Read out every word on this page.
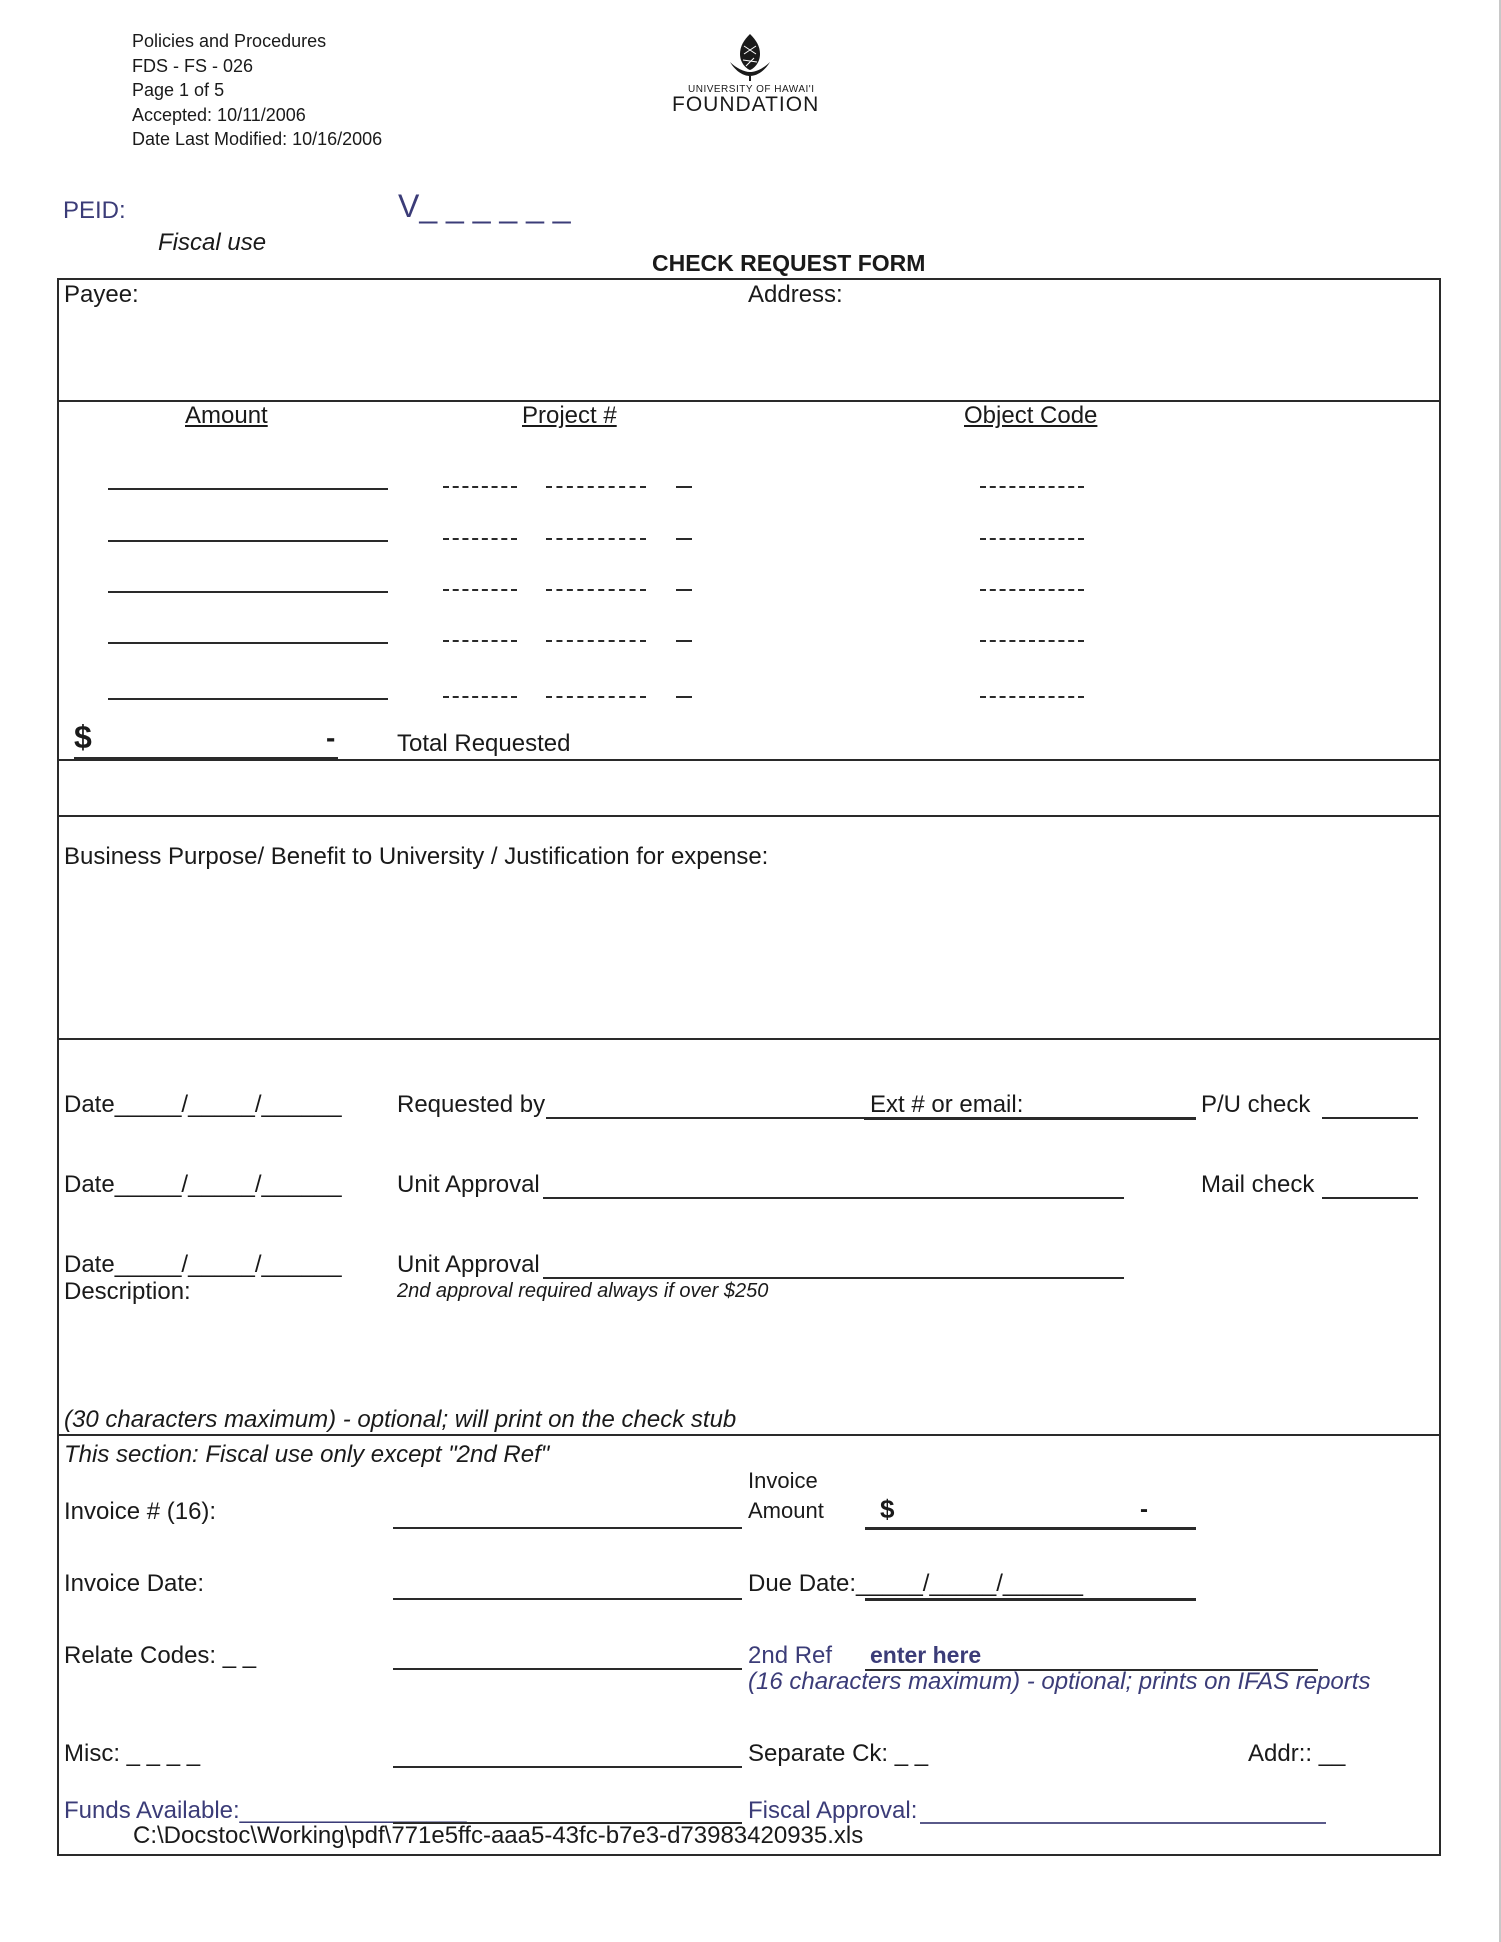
Policies and Procedures
FDS - FS - 026
Page 1 of 5
Accepted: 10/11/2006
Date Last Modified: 10/16/2006
UNIVERSITY OF HAWAI'I
FOUNDATION
PEID:	V_ _ _ _ _ _
Fiscal use
CHECK REQUEST FORM
Payee:	Address:
Amount	Project #	Object Code
$	-	Total Requested
Business Purpose/ Benefit to University / Justification for expense:
Date_____/_____/______ Requested by	Ext # or email:	P/U check
Date_____/_____/______ Unit Approval	Mail check
Date_____/_____/______ Unit Approval
Description:	2nd approval required always if over $250
(30 characters maximum) - optional; will print on the check stub
This section: Fiscal use only except "2nd Ref"
Invoice # (16):
Invoice
Amount $	-
Invoice Date:	Due Date:_____/_____/______
Relate Codes: _ _	2nd Ref enter here
(16 characters maximum) - optional; prints on IFAS reports
Misc: _ _ _ _	Separate Ck: _ _	Addr:: __
Funds Available:_________________	Fiscal Approval:
C:\Docstoc\Working\pdf\771e5ffc-aaa5-43fc-b7e3-d73983420935.xls
